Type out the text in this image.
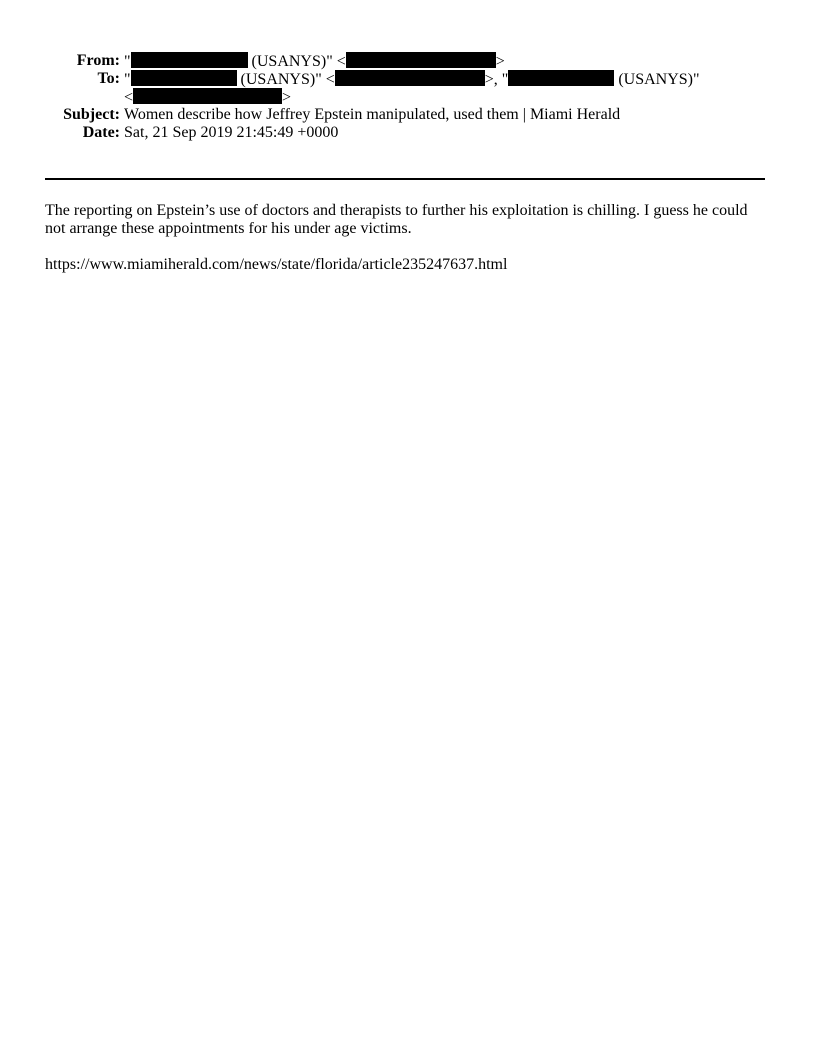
From: "	(USANYS)" <	>
To: "	(USANYS)" <	>, "	(USANYS)"
<	>
Subject: Women describe how Jeffrey Epstein manipulated, used them | Miami Herald
Date: Sat, 21 Sep 2019 21:45:49 +0000

The reporting on Epstein’s use of doctors and therapists to further his exploitation is chilling. I guess he could not arrange these appointments for his under age victims.

https://www.miamiherald.com/news/state/florida/article235247637.html
